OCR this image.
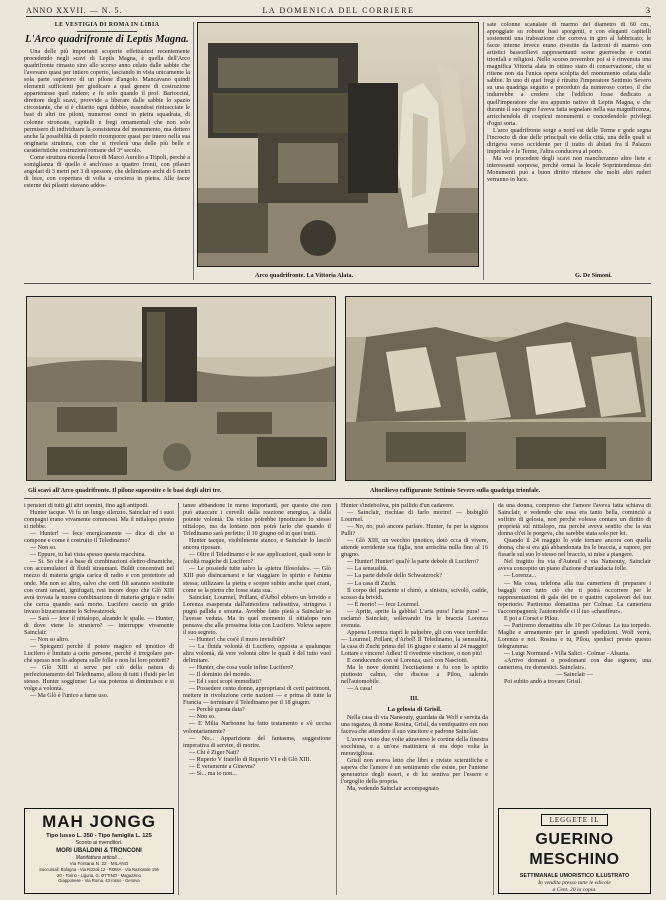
ANNO XXVII. — N. 5.	LA DOMENICA DEL CORRIERE	3
LE VESTIGIA DI ROMA IN LIBIA
L'Arco quadrifronte di Leptis Magna.

Una delle più importanti scoperte effettuatesi recentemente procedendo negli scavi di Leptis Magna, è quella dell'Arco quadrifronte rimasto sino allo scorso anno celato dalle sabbie che l'avevano quasi per intiero coperto, lasciando in vista unicamente la sola parte superiore di un pilone d'angolo. Mancavano quindi elementi sufficienti per giudicare a qual genere di costruzione appartenesse quel rudere; e fu solo quando il prof. Bartoccini, direttore degli scavi, provvide a liberare dalle sabbie lo spazio circostante, che si è chiarito ogni dubbio, essendosi rintracciate le basi di altri tre piloni, numerosi conci in pietra squadrata, di colonne stroncate, capitelli e fregi ornamentali che non solo permisero di individuare la consistenza del monumento, ma dettero anche la possibilità di poterlo ricomporre quasi per intero nella sua originaria struttura, con che si rivelerà una delle più belle e caratteristiche costruzioni romane del 3° secolo.

Come struttura ricorda l'arco di Marco Aurelio a Tripoli, perchè a somiglianza di quello è anch'esso a quattro fronti, con pilastri angolari di 3 metri per 3 di spessore, che delimitano archi di 6 metri di luce, con copertura di volta a crociera in pietra. Alle facce esterne dei pilastri stavano addos-

Arco quadrifronte. La Vittoria Alata.

sate colonne scanalate di marmo del diametro di 60 cm., appoggiate su robuste basi sporgenti, e con eleganti capitelli sostenenti una trabeazione che correva in giro al fabbricato; le facce interne invece erano rivestite da lastroni di marmo con artistici bassorilievi rappresentanti scene guerresche e cortei trionfali e religiosi. Nello scorso novembre poi si è rinvenuta una magnifica Vittoria alata in ottimo stato di conservazione, che si ritiene non sia l'unica opera scolpita del monumento celata dalle sabbie. In uno di quei fregi è ritratto l'imperatore Settimio Severo su una quadriga seguito e preceduto da numeroso corteo, il che indurrebbe a credere che l'edificio fosse dedicato a quell'imperatore che era appunto nativo di Leptis Magna, e che durante il suo regno l'aveva fatta segnalare nella sua magnificenza, arricchendola di cospicui monumenti e concedendole privilegi d'ogni sorta.

L'arco quadrifronte sorge a nord est delle Terme e gode segna l'incrocio di due delle principali vie della città, una delle quali si dirigeva verso occidente per il tratto di abitati fra il Palazzo imperiale e le Terme, l'altra conduceva al porto.

Ma voi procedere degli scavi non mancheranno altre liete e interessanti sorprese, perchè ormai la locale Soprintendenza dei Monumenti può a buon diritto ritenere che molti altri ruderi verranno in luce.

G. De Simoni.
Gli scavi all'Arco quadrifronte. Il pilone superstite e le basi degli altri tre.	Altorilievo raffigurante Settimio Severo sulla quadriga trionfale.

i pensieri di tutti gli altri uomini, fino agli antipodi.

Hunter tacque. Vi fu un lungo silenzio. Sainclair ed i suoi compagni erano vivamente commossi. Ma il nittalopo presto si riebbe.

— Hunter! — fece energicamente — dica di che si compone e come è costruito il Teledinamo?

— Non so.

— Eppure, tu hai vista spesso questa macchina.

— Sì. So che è a base di combinazioni elettro-dinamiche, con accumulatori di fluidi straumani. Buldi concentrati nel mezzo di materia grigia carica di radio e con protettore ad onde. Ma non so altro, salvo che certi fili saranno sostituite con crani umani, ignifugati, resi incore dopo che Glò XIII avrà trovata la nuova combinazione di materia grigia e radio che cerca quando sarà morto. Lucifero cacciò un grido invaso bizzarramente lo Schwatzrock.

— Sarà — fece il nittalopo, alzando le spalle. — Hunter, di dove viene lo straniero? — interruppe vivamente Sainclair.

— Non so altro.

— Spiegami perchè il potere magico ed ipnotico di Lucifero è limitato a certe persone, perchè è irregolare per-chè spesso non lo adopera sulle folle e non lui loro protetti?

— Glò XIII si serve per ciò della natura di perfezionamento del Teledinamo, allora di tutti i fluidi per lei stesso. Hunter soggiunse: La sua potenza si diminuisce e si volge a volontà.

— Ma Glò è l'unico a farne uso.

MAH JONGG
Tipo lusso L. 350 - Tipo famiglia L. 125
Sconto ai rivenditori.
MORI UBALDINI & TRONCONI
Manifattura articoli ...
Via Fontana N. 22 - MILANO
Succursali: Bologna - Via Rizzoli 12 - ROMA - Via Nazionale 156
20 - Torino - Liguria, G. OTTINO - Magazzino
Giapponese - Via Roma, 43 rosso - Genova

tanee abbandone le meno importanti, per questo che non può attaccare i cervelli dalla reazione energica, a dalla potente volontà. Da vicino potrebbe ipnotizzare lo stesso nittalopo, ma da lontano non potrà farlo che quando il Teledinamo sarà perfetto; il 10 giugno od in quei tratti.

Hunter tacque, visibilmente stanco, e Sainclair lo lasciò ancora riposare.

— Oltre il Teledinamo e le sue applicazioni, quali sono le facoltà magiche di Lucifero?

— Le possiede tutte salvo la «pietra filosofale». — Glò XIII può disincarnarsi e far viaggiare lo spirito e l'anima stessa; utilizzare la pietra e scopre subito anche quei crani, come se la pietra che fosse stata sua.

Sainclair, Lourmel, Prillant, d'Arbol ebbero un brivido e Lorenza esasperata dall'atmosfera radioattiva, stringeva i pugni pallida e smunta. Avrebbe fatto pietà a Sainclair se l'avesse veduta. Ma in quel momento il nittalopo non pensava che alla prossima lotta con Lucifero. Voleva sapere il suo segreto.

— Hunter! che cos'è il muro invisibile?

— La fluida volontà di Lucifero, opposta a qualunque altra volontà, dà vere volontà oltre le quali è del tutto vuol delimitare.

— Hunter, che cosa vuole infine Lucifero?

— Il dominio del mondo.

— Ed i suoi scopi immediati?

— Possedere cento donne, appropriarsi di certi patrimoni, mettere in rivoluzione certe nazioni — e prima di tutte la Francia — terminare il Teledinamo per il 18 giugno.

— Perchè questa data?

— Non so.

— E Milia Narbonne ha fatto testamento e s'è uccisa volontariamente?

— No... Apparizione del fantasma, suggestione imperativa di servire, di morire.

— Chi è Ziger Natt?

— Ruperto V fratello di Ruperto VI e di Glò XIII.

— È veramente a Ginevra?

— Sì... ma io non...

Hunter s'indeboliva, pin pallido d'un cadavere.

— Sainclair, rischiae di farlo morire! — bisbigliò Lourmel.

— No, no, può ancora parlare. Hunter, fu per la signora Pulli?

— Glò XIII, un vecchio ipnotico, dotò ccca di vivere, attende sorridente sua figlia, non arrischia nulla fino al 16 giugno.

— Hunter! Hunter! qual'è la parte debole di Lucifero?

— La sensualità.

— La parte debole dello Schwatzrock?

— La casa di Zucht.

Il corpo del paziente si chinò, a sinistra, scivolò, cadde, scosso da brividi.

— È morto! — fece Lourmel.

— Aprite, aprite la gabbia! L'aria pura! l'aria pura! — esclamò Sainclair, sollevando fra le braccia Lorenza svenuta.

Appena Lorenza riaprì le palpebre, gli con voce terribile: — Lourmel, Prillant, d'Arbol! Il Teledinamo, la sensualità, la casa di Zucht prima del 16 giugno e siamo al 24 maggio! Lottare e vincere! Adieu! Il rivedrete vincitore, o non più!

E conducendo con sè Lorenza, uscì con Nasciotti.

Ma le nove domini l'eccitazione e fu con lo spirito piuttosto calmo, che discese a Pilou, salendo nell'automobile.

— A casa!

III.
La gelosia di Grisil.

Nella casa di via Nansouty, guardata da Wolf e servita da una ragazza, di nome Rosina, Grisil, da ventiquattro ore non faceva che attendere il suo vincitore e padrone Sainclair.

L'aveva visto due volte attraverso le cortine della finestra socchiusa, e a un'ora mattiniera si era dopo volta la meravigliosa.

Grisil non aveva letto che libri e riviste scientifiche e sapeva che l'amore è un sentimento che esiste, per l'unione generatrice degli esseri, e di lui sentiva per l'essere e l'orgoglio della propria.

Ma, vedendo Sainclair accompagnato

da una donna, compreso che l'amore l'aveva fatta schiava di Sainclair, e vedendo che essa era tanto bella, cominciò a soffrire di gelosia, non perchè volesse contare un diritto di proprietà sul nittalopo, ma perchè aveva sentito che la sua donna ch'ei le porgeva, che sarebbe stata solo per lei.

Quando il 24 maggio lo vide tornare ancora con quella donna, che si era già abbandonata fra le braccia, a vapore, per fissarle sul suo lo stesso nel braccio, si mise a piangere.

Nel tragitto fra via d'Auteuil e via Nansouty, Sainclair aveva concepito un piano d'azione d'un'audacia folle.

— Lorenza...

— Ma cosa, telefona alla tua cameriera di preparare i bagagli con tutto ciò che ti potrà occorrere per le rappresentazioni di gala dei tre o quattro capolavori del tuo repertorio. Partiremo domattina per Colmar. La cameriera t'accompagnerà; l'automobile ci il tuo «chauffeur».

E poi a Corsei e Pilou.

— Partiremo domattina alle 10 per Colmar. La tua torpedo. Maglie e armamento per le grandi spedizioni. Wolf verrà, Lorenza e noi. Rosina e tu, Pilou, spedisci presto questo telegramma:

— Luigi Normund - Villa Salici - Colmar - Alsazia.

«Arrivo domani o posdomani con due signore, una cameriera, tre domestici. Sainclair».

— Sainclair —

Poi subito andò a trovare Grisil.

LEGGETE IL
GUERINO MESCHINO
SETTIMANALE UMORISTICO ILLUSTRATO
In vendita presso tutte le edicole
a Cent. 20 la copia.
